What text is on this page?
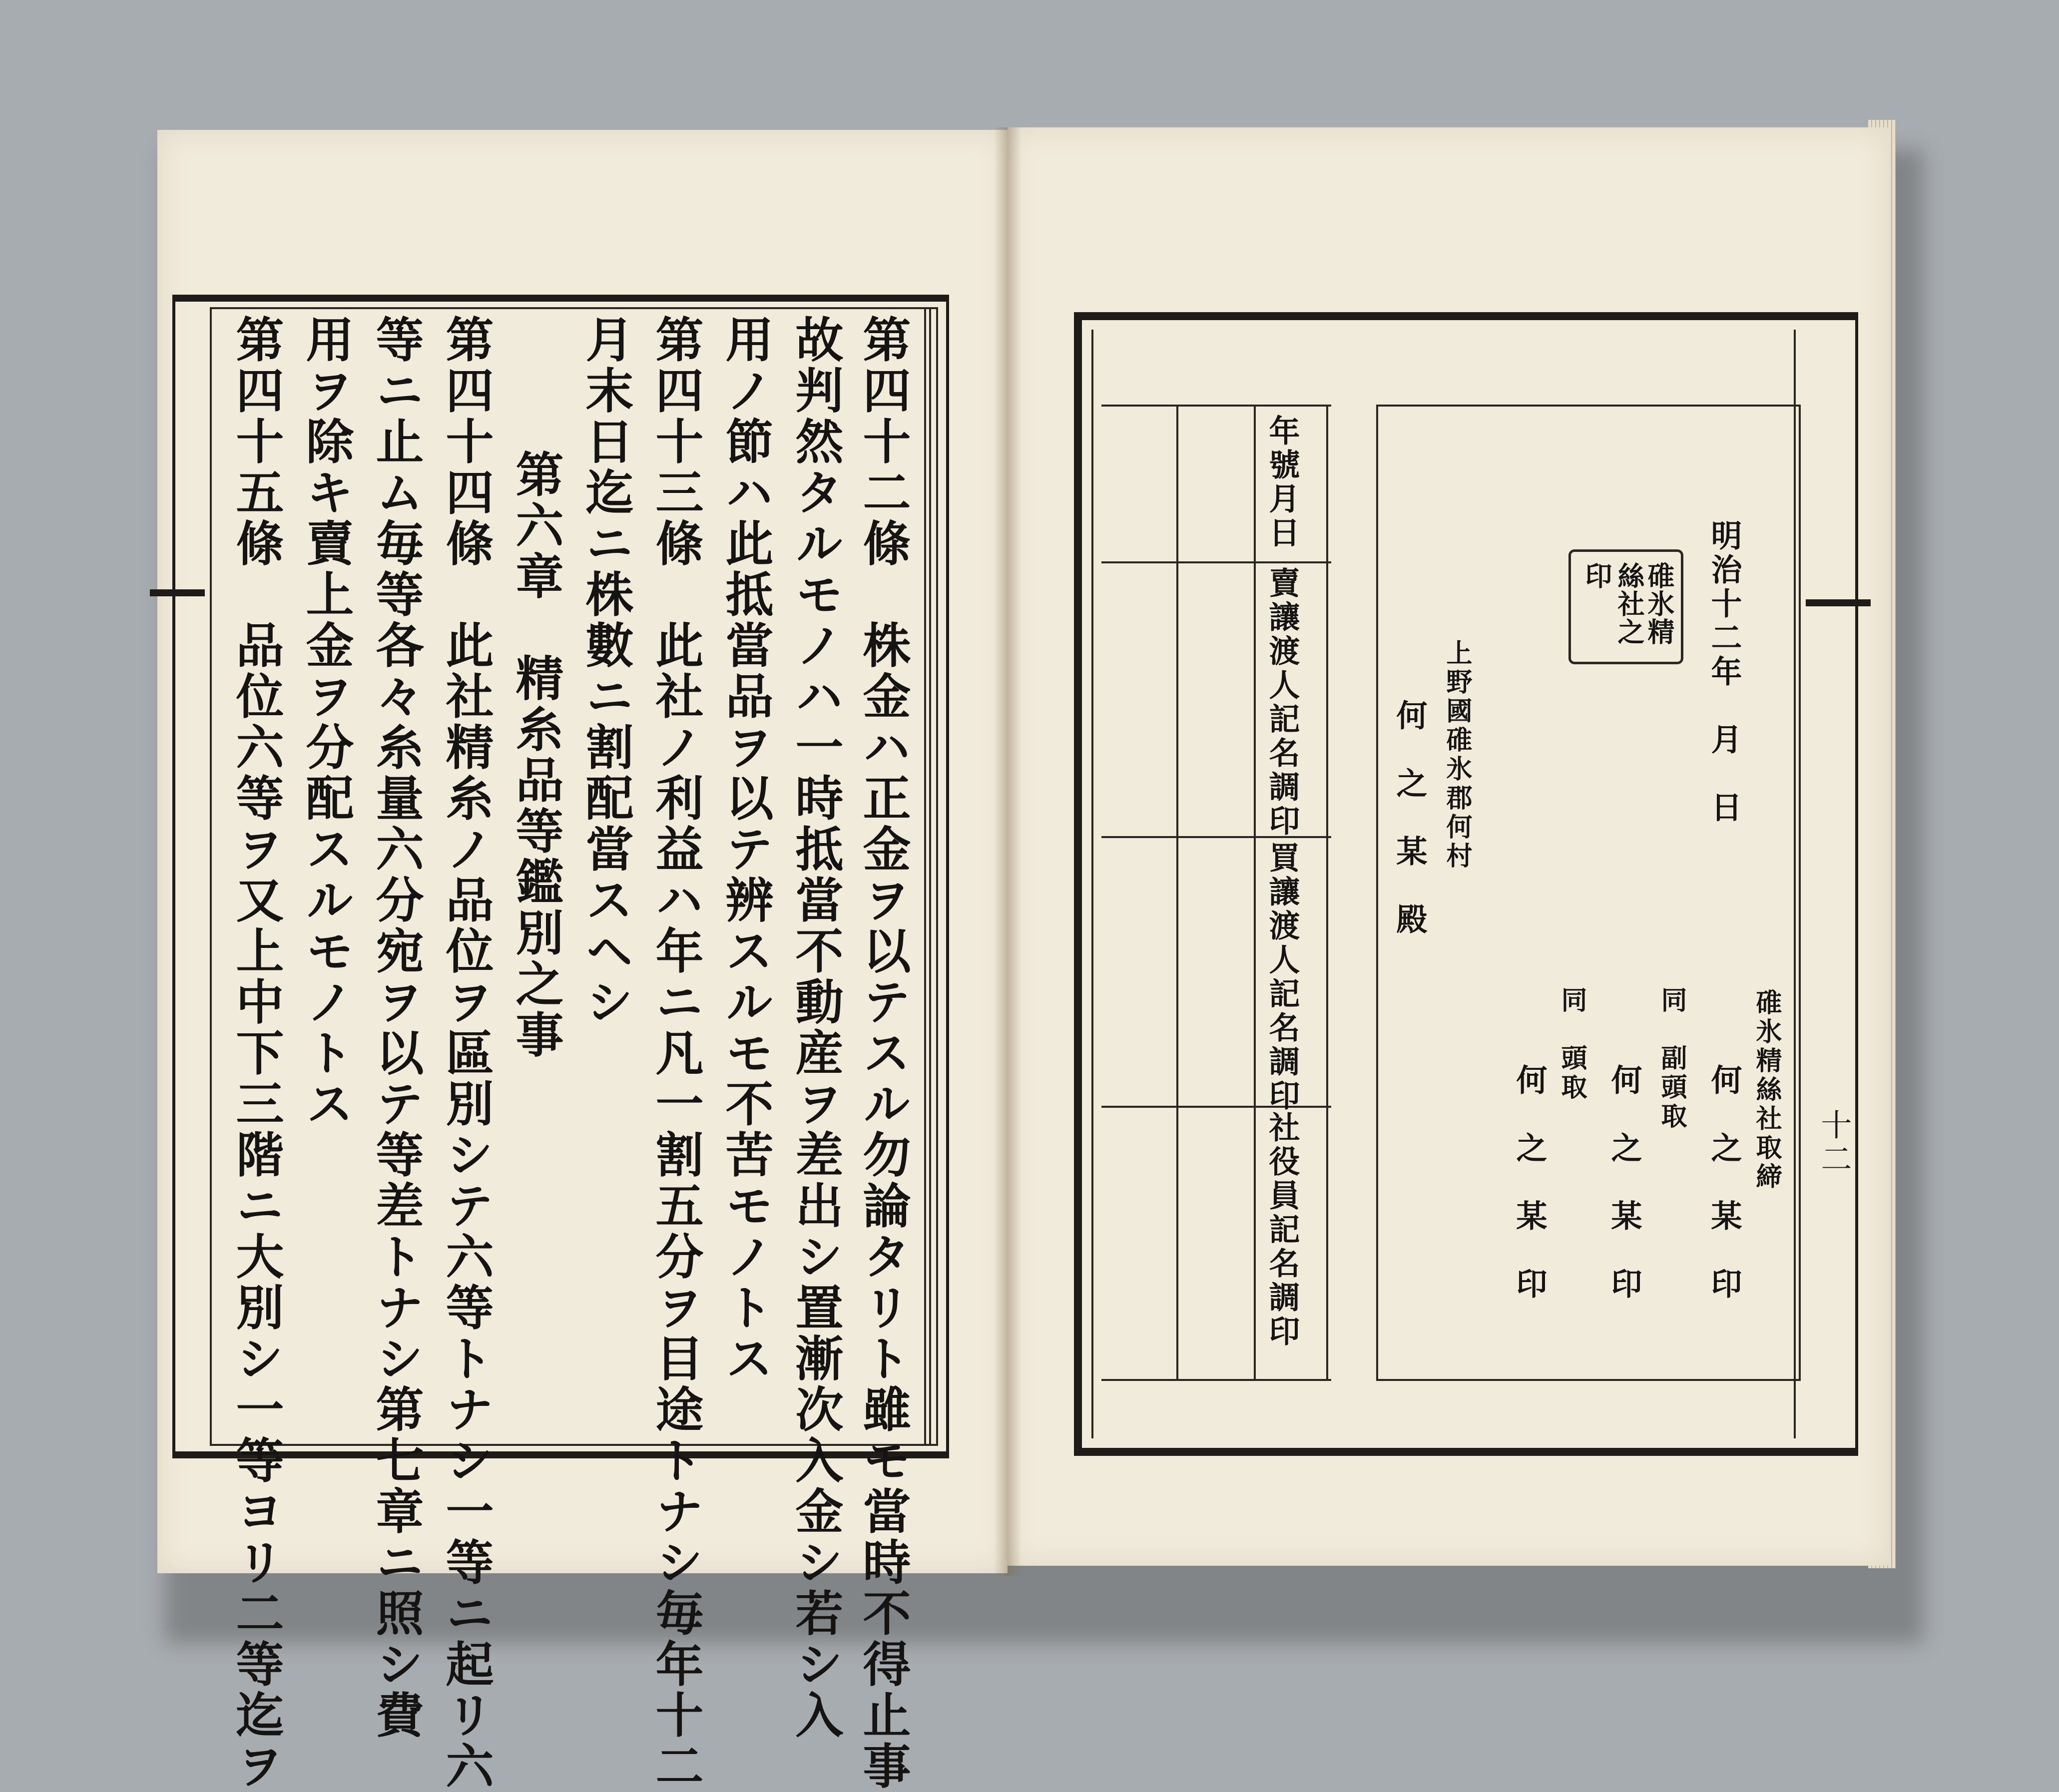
第四十二條　株金ハ正金ヲ以テスル勿論タリト雖モ當時不得止事
故判然タルモノハ一時抵當不動産ヲ差出シ置漸次入金シ若シ入
用ノ節ハ此抵當品ヲ以テ辨スルモ不苦モノトス
第四十三條　此社ノ利益ハ年ニ凡一割五分ヲ目途トナシ毎年十二
月末日迄ニ株數ニ割配當スヘシ
第六章　精糸品等鑑別之事
第四十四條　此社精糸ノ品位ヲ區別シテ六等トナシ一等ニ起リ六
等ニ止ム毎等各々糸量六分宛ヲ以テ等差トナシ第七章ニ照シ費
用ヲ除キ賣上金ヲ分配スルモノトス
第四十五條　品位六等ヲ又上中下三階ニ大別シ一等ヨリ二等迄ヲ	年號月日
賣讓渡人記名調印
買讓渡人記名調印
社役員記名調印
明治十二年　月　日
碓氷精
絲社之
印
碓氷精絲社取締
何　之　某　印
同　副頭取
何　之　某　印
同　頭取
何　之　某　印
上野國碓氷郡何村
何　之　某　殿
十二
